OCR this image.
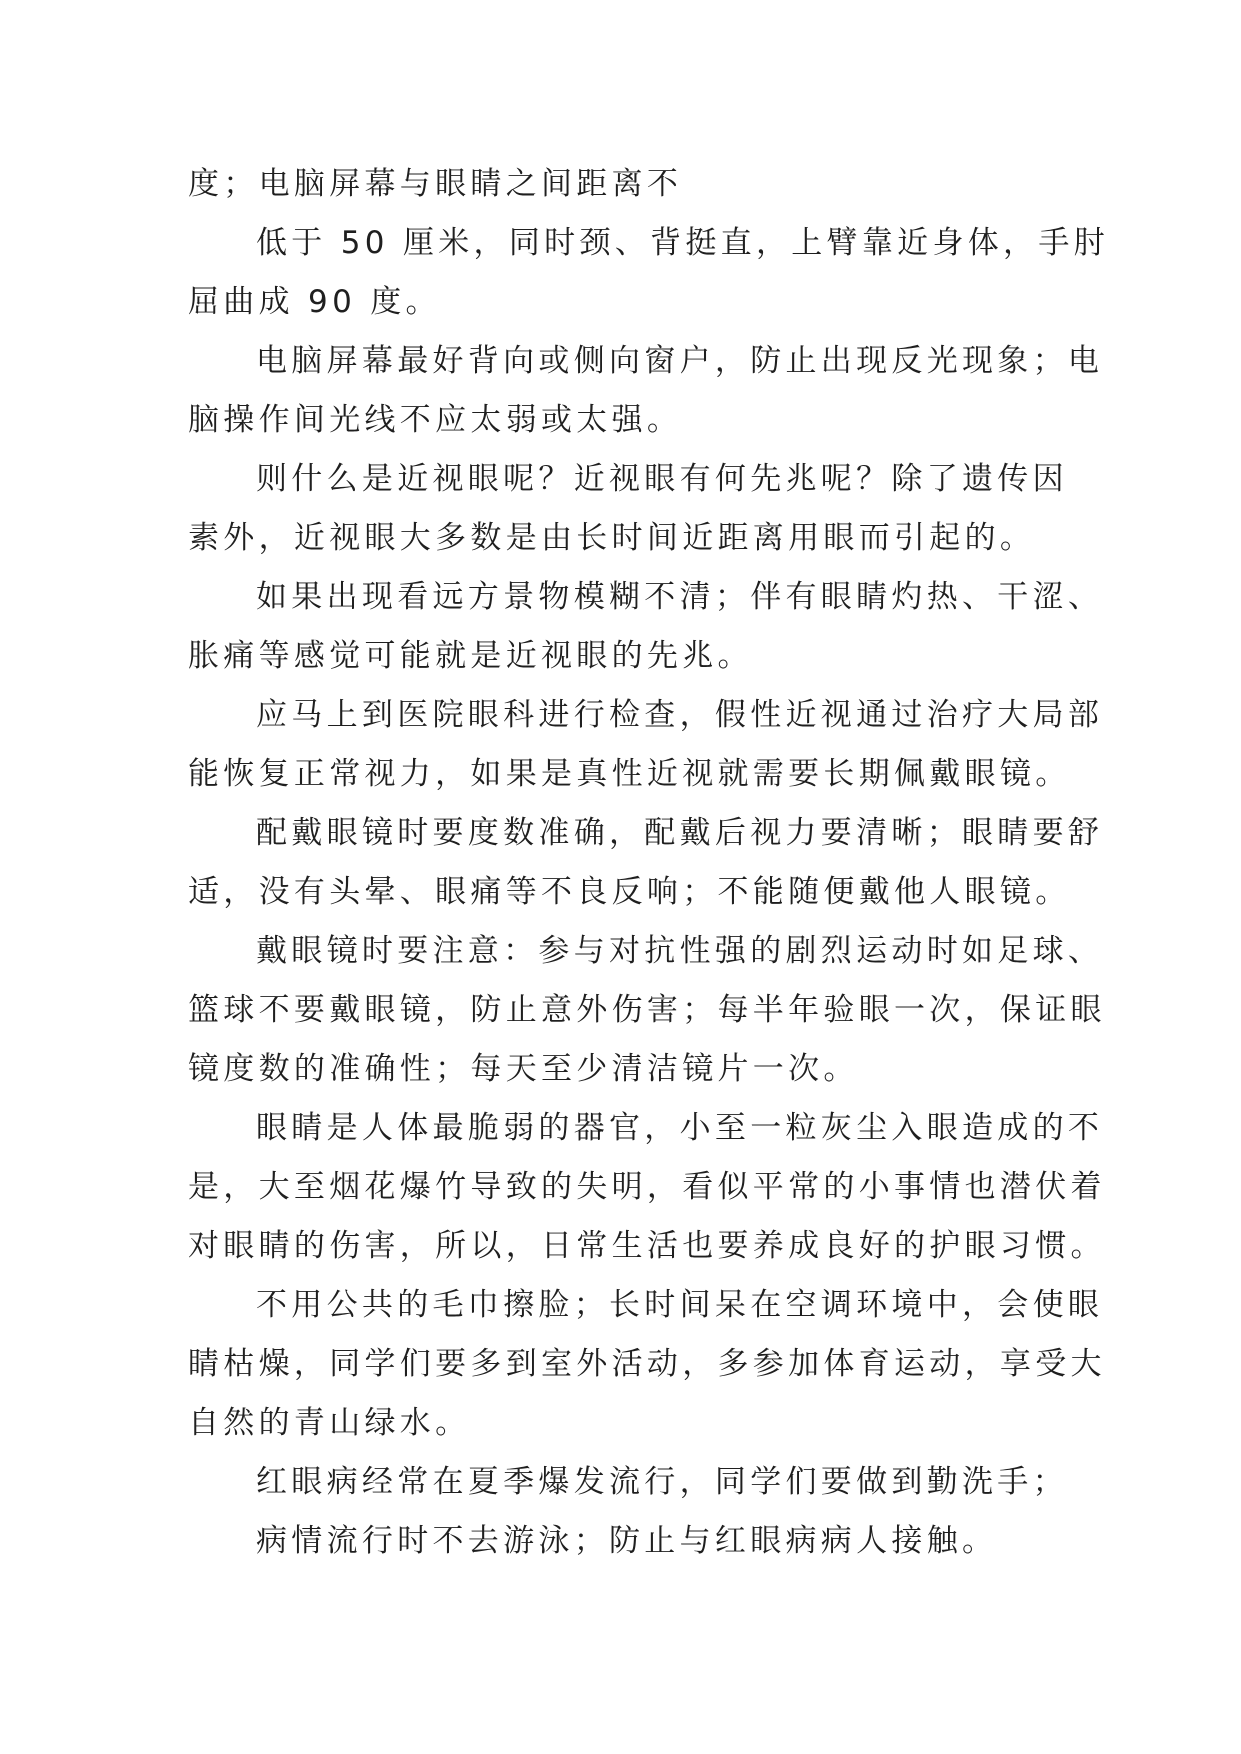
度；电脑屏幕与眼睛之间距离不
低于 50 厘米，同时颈、背挺直，上臂靠近身体，手肘
屈曲成 90 度。
电脑屏幕最好背向或侧向窗户，防止出现反光现象；电
脑操作间光线不应太弱或太强。
则什么是近视眼呢？近视眼有何先兆呢？除了遗传因
素外，近视眼大多数是由长时间近距离用眼而引起的。
如果出现看远方景物模糊不清；伴有眼睛灼热、干涩、
胀痛等感觉可能就是近视眼的先兆。
应马上到医院眼科进行检查，假性近视通过治疗大局部
能恢复正常视力，如果是真性近视就需要长期佩戴眼镜。
配戴眼镜时要度数准确，配戴后视力要清晰；眼睛要舒
适，没有头晕、眼痛等不良反响；不能随便戴他人眼镜。
戴眼镜时要注意：参与对抗性强的剧烈运动时如足球、
篮球不要戴眼镜，防止意外伤害；每半年验眼一次，保证眼
镜度数的准确性；每天至少清洁镜片一次。
眼睛是人体最脆弱的器官，小至一粒灰尘入眼造成的不
是，大至烟花爆竹导致的失明，看似平常的小事情也潜伏着
对眼睛的伤害，所以，日常生活也要养成良好的护眼习惯。
不用公共的毛巾擦脸；长时间呆在空调环境中，会使眼
睛枯燥，同学们要多到室外活动，多参加体育运动，享受大
自然的青山绿水。
红眼病经常在夏季爆发流行，同学们要做到勤洗手；
病情流行时不去游泳；防止与红眼病病人接触。
